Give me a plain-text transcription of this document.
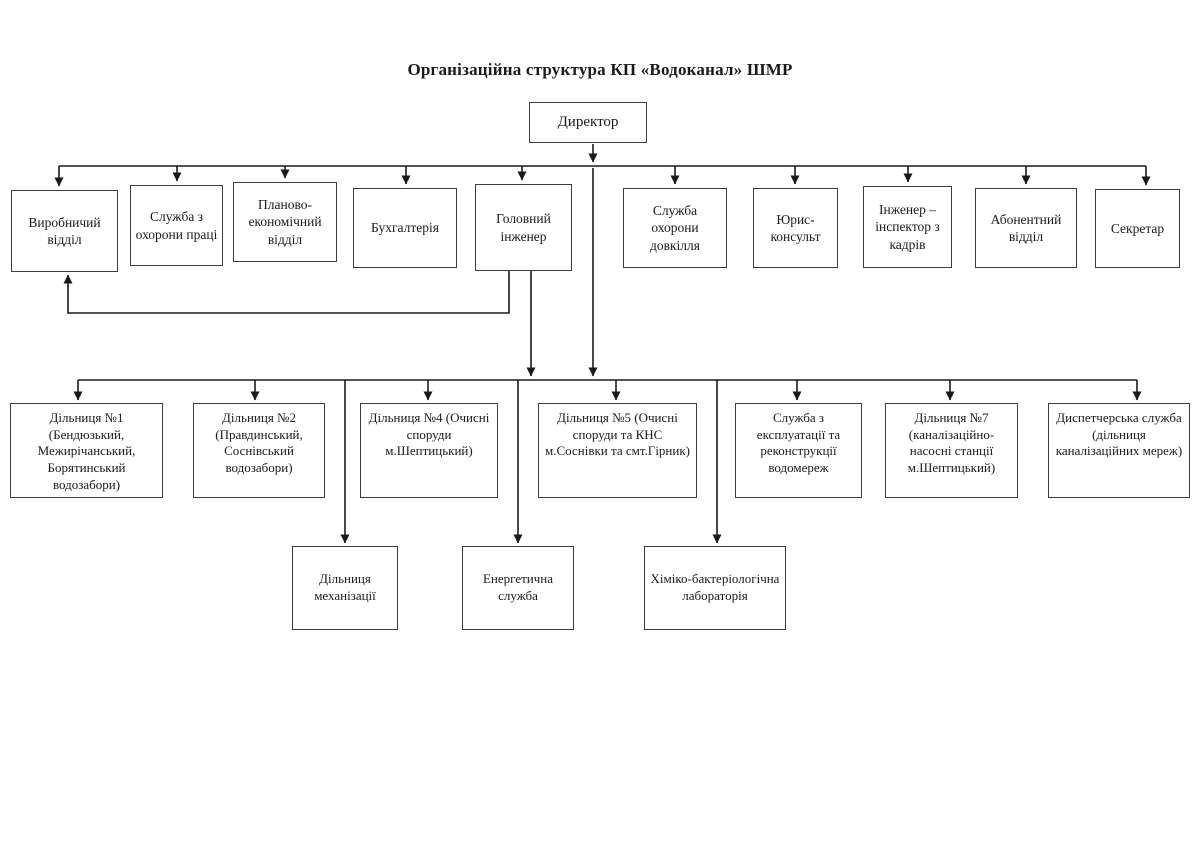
Організаційна структура КП «Водоканал» ШМР
Директор
Виробничий відділ
Служба з охорони праці
Планово-економічний відділ
Бухгалтерія
Головний інженер
Служба охорони довкілля
Юрис-консульт
Інженер – інспектор з кадрів
Абонентний відділ
Секретар
Дільниця №1 (Бендюзький, Межирічанський, Борятинський водозабори)
Дільниця №2 (Правдинський, Соснівський водозабори)
Дільниця №4 (Очисні споруди м.Шептицький)
Дільниця №5 (Очисні споруди та КНС м.Соснівки та смт.Гірник)
Служба з експлуатації та реконструкції водомереж
Дільниця №7 (каналізаційно-насосні станції м.Шептицький)
Диспетчерська служба (дільниця каналізаційних мереж)
Дільниця механізації
Енергетична служба
Хіміко-бактеріологічна лабораторія
